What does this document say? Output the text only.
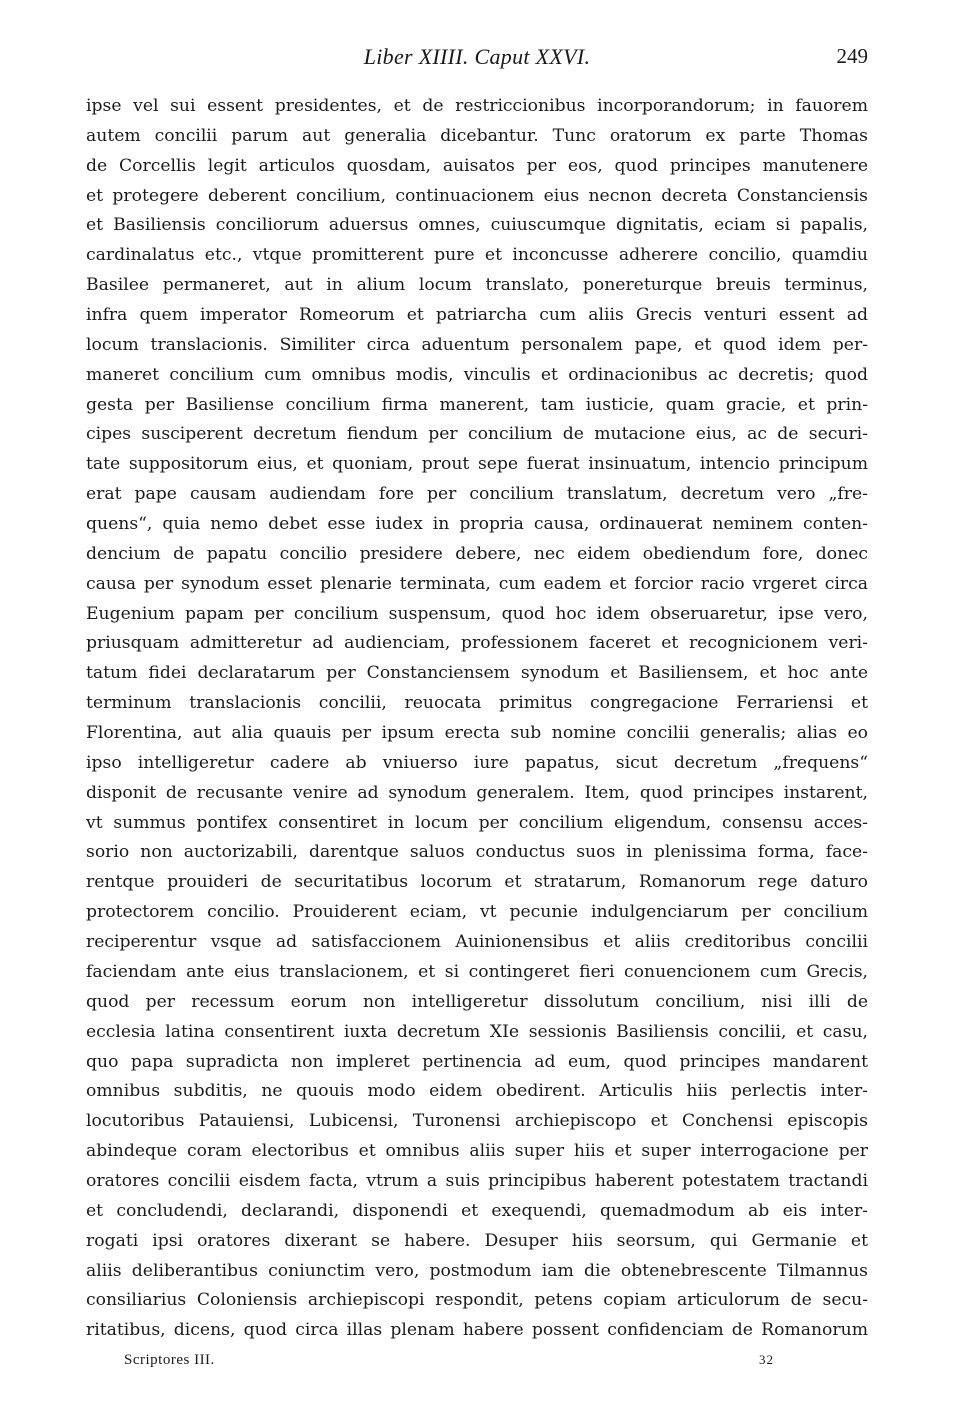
Liber XIIII. Caput XXVI.	249
ipse vel sui essent presidentes, et de restriccionibus incorporandorum; in fauorem
autem concilii parum aut generalia dicebantur. Tunc oratorum ex parte Thomas
de Corcellis legit articulos quosdam, auisatos per eos, quod principes manutenere
et protegere deberent concilium, continuacionem eius necnon decreta Constanciensis
et Basiliensis conciliorum aduersus omnes, cuiuscumque dignitatis, eciam si papalis,
cardinalatus etc., vtque promitterent pure et inconcusse adherere concilio, quamdiu
Basilee permaneret, aut in alium locum translato, ponereturque breuis terminus,
infra quem imperator Romeorum et patriarcha cum aliis Grecis venturi essent ad
locum translacionis. Similiter circa aduentum personalem pape, et quod idem per-
maneret concilium cum omnibus modis, vinculis et ordinacionibus ac decretis; quod
gesta per Basiliense concilium firma manerent, tam iusticie, quam gracie, et prin-
cipes susciperent decretum fiendum per concilium de mutacione eius, ac de securi-
tate suppositorum eius, et quoniam, prout sepe fuerat insinuatum, intencio principum
erat pape causam audiendam fore per concilium translatum, decretum vero „fre-
quens“, quia nemo debet esse iudex in propria causa, ordinauerat neminem conten-
dencium de papatu concilio presidere debere, nec eidem obediendum fore, donec
causa per synodum esset plenarie terminata, cum eadem et forcior racio vrgeret circa
Eugenium papam per concilium suspensum, quod hoc idem obseruaretur, ipse vero,
priusquam admitteretur ad audienciam, professionem faceret et recognicionem veri-
tatum fidei declaratarum per Constanciensem synodum et Basiliensem, et hoc ante
terminum translacionis concilii, reuocata primitus congregacione Ferrariensi et
Florentina, aut alia quauis per ipsum erecta sub nomine concilii generalis; alias eo
ipso intelligeretur cadere ab vniuerso iure papatus, sicut decretum „frequens“
disponit de recusante venire ad synodum generalem. Item, quod principes instarent,
vt summus pontifex consentiret in locum per concilium eligendum, consensu acces-
sorio non auctorizabili, darentque saluos conductus suos in plenissima forma, face-
rentque prouideri de securitatibus locorum et stratarum, Romanorum rege daturo
protectorem concilio. Prouiderent eciam, vt pecunie indulgenciarum per concilium
reciperentur vsque ad satisfaccionem Auinionensibus et aliis creditoribus concilii
faciendam ante eius translacionem, et si contingeret fieri conuencionem cum Grecis,
quod per recessum eorum non intelligeretur dissolutum concilium, nisi illi de
ecclesia latina consentirent iuxta decretum XIe sessionis Basiliensis concilii, et casu,
quo papa supradicta non impleret pertinencia ad eum, quod principes mandarent
omnibus subditis, ne quouis modo eidem obedirent. Articulis hiis perlectis inter-
locutoribus Patauiensi, Lubicensi, Turonensi archiepiscopo et Conchensi episcopis
abindeque coram electoribus et omnibus aliis super hiis et super interrogacione per
oratores concilii eisdem facta, vtrum a suis principibus haberent potestatem tractandi
et concludendi, declarandi, disponendi et exequendi, quemadmodum ab eis inter-
rogati ipsi oratores dixerant se habere. Desuper hiis seorsum, qui Germanie et
aliis deliberantibus coniunctim vero, postmodum iam die obtenebrescente Tilmannus
consiliarius Coloniensis archiepiscopi respondit, petens copiam articulorum de secu-
ritatibus, dicens, quod circa illas plenam habere possent confidenciam de Romanorum
Scriptores III.	32
